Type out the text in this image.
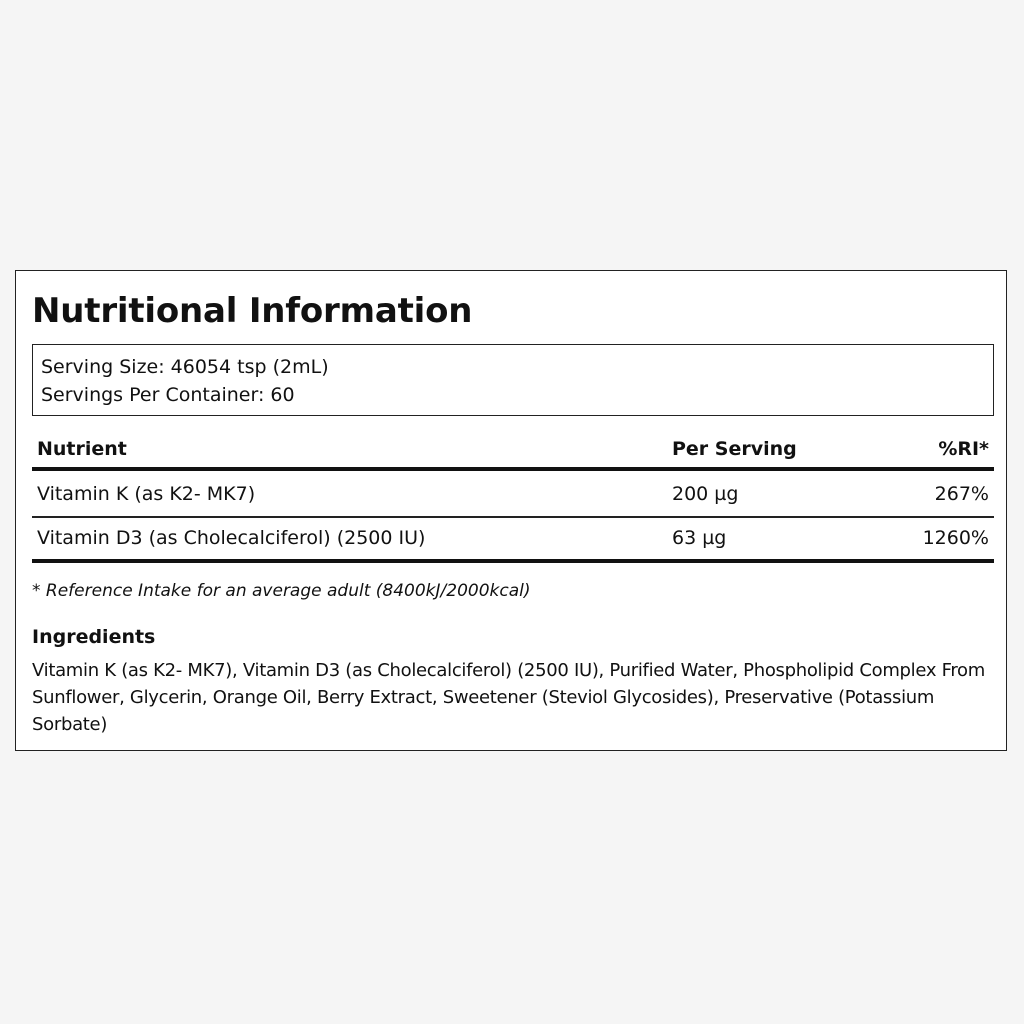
Nutritional Information
Serving Size: 46054 tsp (2mL)
Servings Per Container: 60
Nutrient	Per Serving	%RI*
Vitamin K (as K2- MK7)	200 µg	267%
Vitamin D3 (as Cholecalciferol) (2500 IU)	63 µg	1260%
* Reference Intake for an average adult (8400kJ/2000kcal)
Ingredients
Vitamin K (as K2- MK7), Vitamin D3 (as Cholecalciferol) (2500 IU), Purified Water, Phospholipid Complex From Sunflower, Glycerin, Orange Oil, Berry Extract, Sweetener (Steviol Glycosides), Preservative (Potassium Sorbate)
